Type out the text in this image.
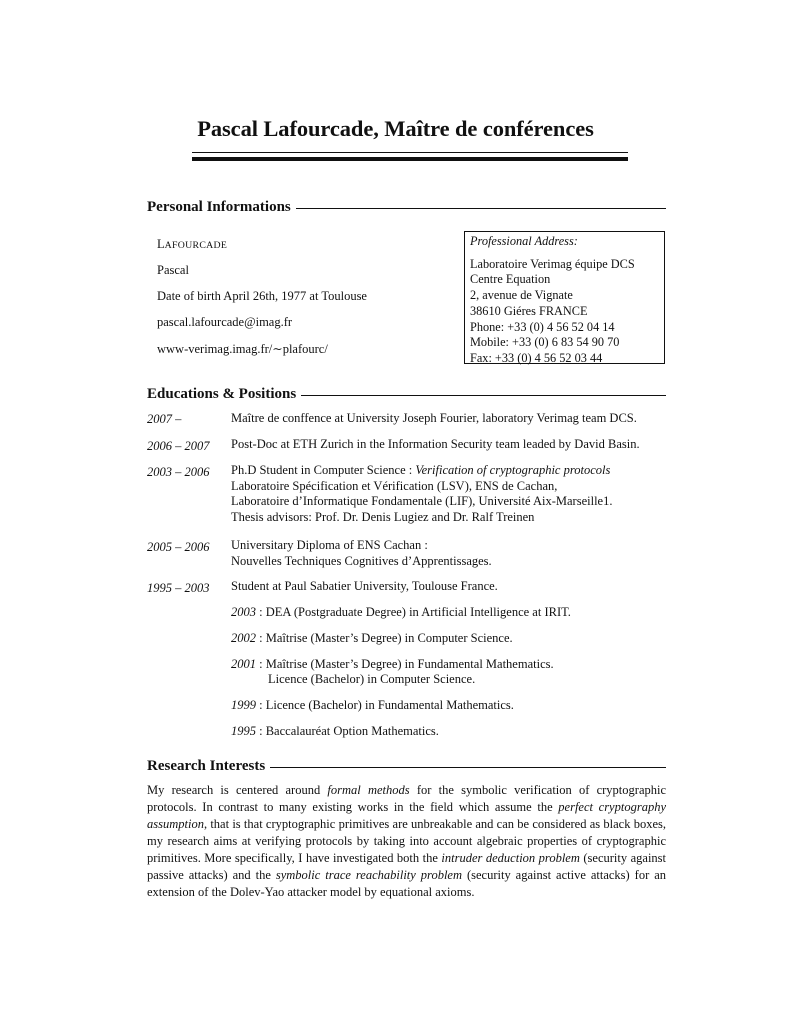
Pascal Lafourcade, Maître de conférences
Personal Informations
LAFOURCADE
Pascal
Date of birth April 26th, 1977 at Toulouse
pascal.lafourcade@imag.fr
www-verimag.imag.fr/∼plafourc/
Professional Address:
Laboratoire Verimag équipe DCS
Centre Equation
2, avenue de Vignate
38610 Giéres FRANCE
Phone: +33 (0) 4 56 52 04 14
Mobile: +33 (0) 6 83 54 90 70
Fax: +33 (0) 4 56 52 03 44
Educations & Positions
2007 –	Maître de conffence at University Joseph Fourier, laboratory Verimag team DCS.
2006 – 2007 Post-Doc at ETH Zurich in the Information Security team leaded by David Basin.
2003 – 2006 Ph.D Student in Computer Science : Verification of cryptographic protocols
Laboratoire Spécification et Vérification (LSV), ENS de Cachan,
Laboratoire d’Informatique Fondamentale (LIF), Université Aix-Marseille1.
Thesis advisors: Prof. Dr. Denis Lugiez and Dr. Ralf Treinen
2005 – 2006 Universitary Diploma of ENS Cachan :
Nouvelles Techniques Cognitives d’Apprentissages.
1995 – 2003 Student at Paul Sabatier University, Toulouse France.
2003 : DEA (Postgraduate Degree) in Artificial Intelligence at IRIT.
2002 : Maîtrise (Master’s Degree) in Computer Science.
2001 : Maîtrise (Master’s Degree) in Fundamental Mathematics.
Licence (Bachelor) in Computer Science.
1999 : Licence (Bachelor) in Fundamental Mathematics.
1995 : Baccalauréat Option Mathematics.
Research Interests
My research is centered around formal methods for the symbolic verification of cryptographic protocols. In contrast to many existing works in the field which assume the perfect cryptography assumption, that is that cryptographic primitives are unbreakable and can be considered as black boxes, my research aims at verifying protocols by taking into account algebraic properties of cryptographic primitives. More specifically, I have investigated both the intruder deduction problem (security against passive attacks) and the symbolic trace reachability problem (security against active attacks) for an extension of the Dolev-Yao attacker model by equational axioms.
